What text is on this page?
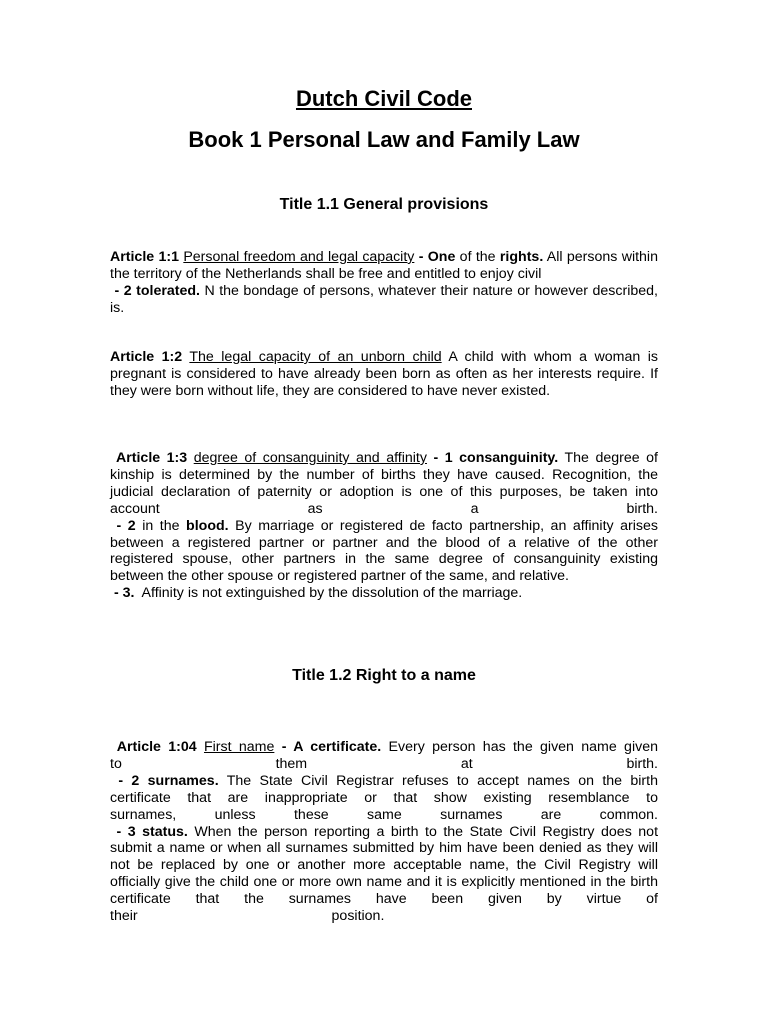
Dutch Civil Code
Book 1 Personal Law and Family Law
Title 1.1 General provisions

Article 1:1 Personal freedom and legal capacity - One of the rights. All persons within the territory of the Netherlands shall be free and entitled to enjoy civil

- 2 tolerated. N the bondage of persons, whatever their nature or however described, is.

Article 1:2 The legal capacity of an unborn child A child with whom a woman is pregnant is considered to have already been born as often as her interests require. If they were born without life, they are considered to have never existed.

Article 1:3 degree of consanguinity and affinity - 1 consanguinity. The degree of kinship is determined by the number of births they have caused. Recognition, the judicial declaration of paternity or adoption is one of this purposes, be taken into account as a birth.

- 2 in the blood. By marriage or registered de facto partnership, an affinity arises between a registered partner or partner and the blood of a relative of the other registered spouse, other partners in the same degree of consanguinity existing between the other spouse or registered partner of the same, and relative.

- 3.  Affinity is not extinguished by the dissolution of the marriage.

Title 1.2 Right to a name

Article 1:04 First name - A certificate. Every person has the given name given

to them at birth.

- 2 surnames. The State Civil Registrar refuses to accept names on the birth certificate that are inappropriate or that show existing resemblance to

surnames, unless these same surnames are common.

- 3 status. When the person reporting a birth to the State Civil Registry does not submit a name or when all surnames submitted by him have been denied as they will not be replaced by one or another more acceptable name, the Civil Registry will officially give the child one or more own name and it is explicitly mentioned in the birth certificate that the surnames have been given by virtue of

their position.
